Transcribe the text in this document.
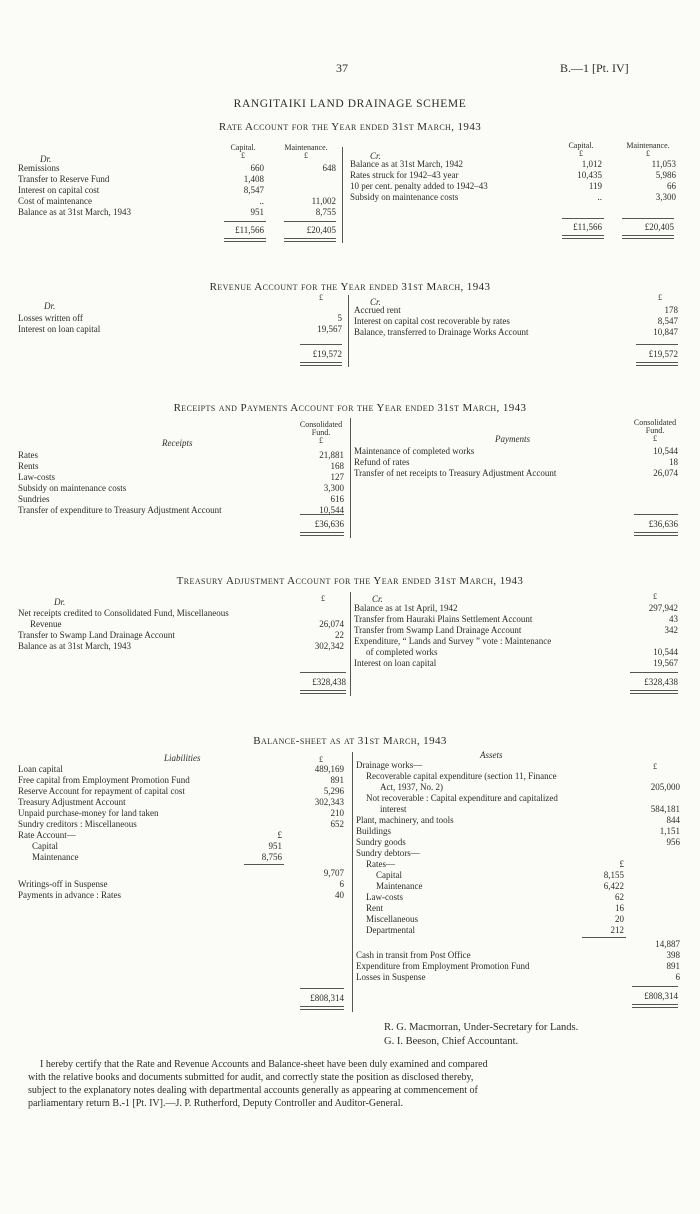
37	B.—1 [Pt. IV]
RANGITAIKI LAND DRAINAGE SCHEME
Rate Account for the Year ended 31st March, 1943
Dr.
Capital.	Maintenance.
£	£	Cr.
Capital.	Maintenance.
£	£
Remissions	660	648
Transfer to Reserve Fund	1,408
Interest on capital cost	8,547
Cost of maintenance	..	11,002
Balance as at 31st March, 1943	951	8,755
£11,566	£20,405
Balance as at 31st March, 1942	1,012	11,053
Rates struck for 1942–43 year	10,435	5,986
10 per cent. penalty added to 1942–43	119	66
Subsidy on maintenance costs	..	3,300
£11,566	£20,405
Revenue Account for the Year ended 31st March, 1943
Dr.
£	Cr.	£
Losses written off	5
Interest on loan capital	19,567
£19,572
Accrued rent	178
Interest on capital cost recoverable by rates	8,547
Balance, transferred to Drainage Works Account	10,847
£19,572
Receipts and Payments Account for the Year ended 31st March, 1943
Consolidated
Fund.
£
Receipts	Payments
Consolidated
Fund.
£
Rates	21,881
Rents	168
Law-costs	127
Subsidy on maintenance costs	3,300
Sundries	616
Transfer of expenditure to Treasury Adjustment Account	10,544
£36,636
Maintenance of completed works	10,544
Refund of rates	18
Transfer of net receipts to Treasury Adjustment Account	26,074
£36,636
Treasury Adjustment Account for the Year ended 31st March, 1943
Dr.	£	Cr.	£
Net receipts credited to Consolidated Fund, Miscellaneous
Revenue	26,074
Transfer to Swamp Land Drainage Account	22
Balance as at 31st March, 1943	302,342
£328,438
Balance as at 1st April, 1942	297,942
Transfer from Hauraki Plains Settlement Account	43
Transfer from Swamp Land Drainage Account	342
Expenditure, “ Lands and Survey ” vote : Maintenance
of completed works	10,544
Interest on loan capital	19,567
£328,438
Balance-sheet as at 31st March, 1943
Liabilities	Assets
£
£
Loan capital	489,169
Free capital from Employment Promotion Fund	891
Reserve Account for repayment of capital cost	5,296
Treasury Adjustment Account	302,343
Unpaid purchase-money for land taken	210
Sundry creditors : Miscellaneous	652
Rate Account—	£
Capital	951
Maintenance	8,756
9,707
Writings-off in Suspense	6
Payments in advance : Rates	40
£808,314
Drainage works—
Recoverable capital expenditure (section 11, Finance
Act, 1937, No. 2)	205,000
Not recoverable : Capital expenditure and capitalized
interest	584,181
Plant, machinery, and tools	844
Buildings	1,151
Sundry goods	956
Sundry debtors—
Rates—	£
Capital	8,155
Maintenance	6,422
Law-costs	62
Rent	16
Miscellaneous	20
Departmental	212
14,887
Cash in transit from Post Office	398
Expenditure from Employment Promotion Fund	891
Losses in Suspense	6
£808,314
R. G. Macmorran, Under-Secretary for Lands.
G. I. Beeson, Chief Accountant.
I hereby certify that the Rate and Revenue Accounts and Balance-sheet have been duly examined and compared
with the relative books and documents submitted for audit, and correctly state the position as disclosed thereby,
subject to the explanatory notes dealing with departmental accounts generally as appearing at commencement of
parliamentary return B.-1 [Pt. IV].—J. P. Rutherford, Deputy Controller and Auditor-General.
